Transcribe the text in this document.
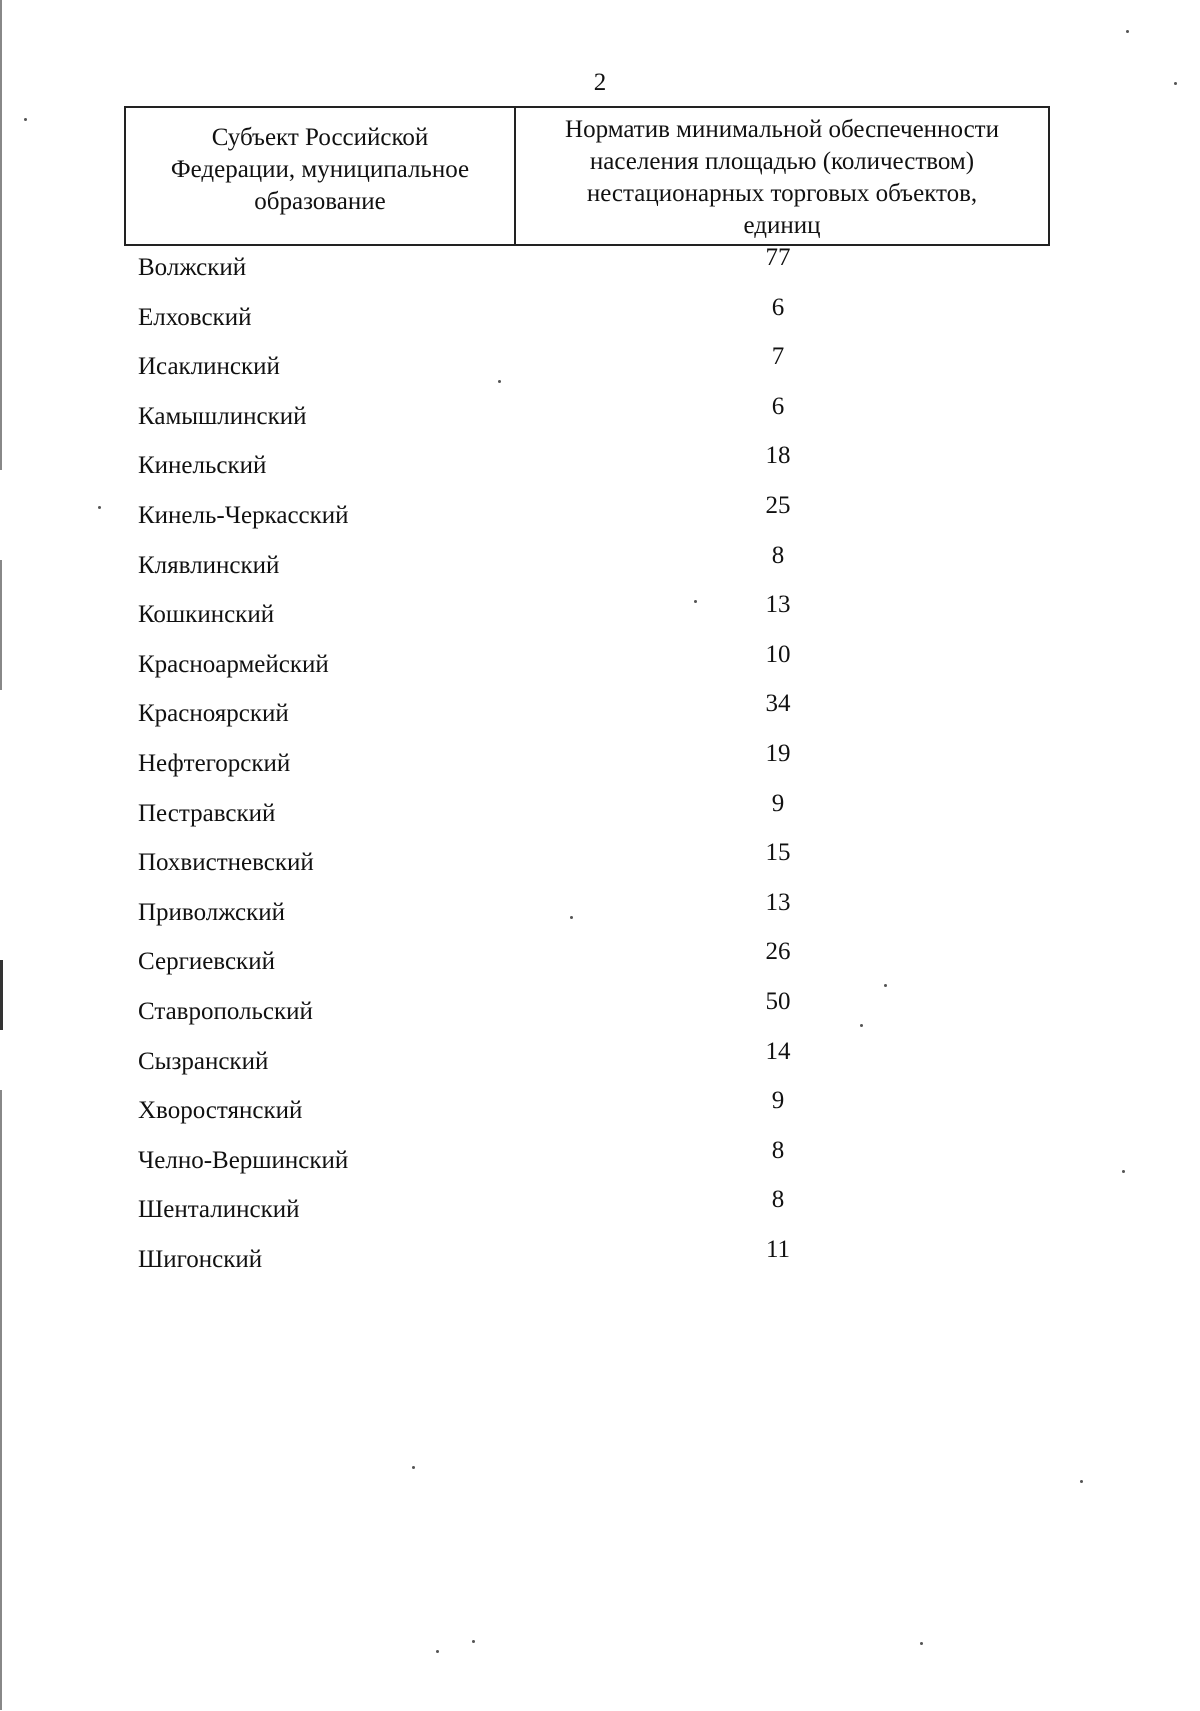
2
Субъект Российской
Федерации, муниципальное
образование	Норматив минимальной обеспеченности
населения площадью (количеством)
нестационарных торговых объектов,
единиц
Волжский	77
Елховский	6
Исаклинский	7
Камышлинский	6
Кинельский	18
Кинель-Черкасский	25
Клявлинский	8
Кошкинский	13
Красноармейский	10
Красноярский	34
Нефтегорский	19
Пестравский	9
Похвистневский	15
Приволжский	13
Сергиевский	26
Ставропольский	50
Сызранский	14
Хворостянский	9
Челно-Вершинский	8
Шенталинский	8
Шигонский	11
